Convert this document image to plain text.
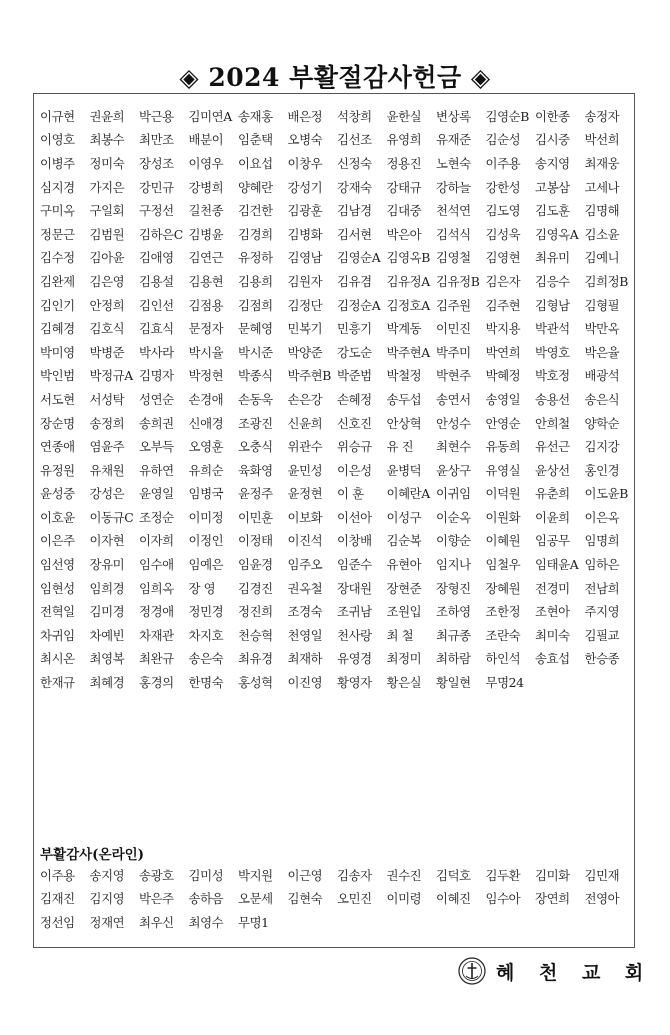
◈ 2024 부활절감사헌금 ◈
이규현	권윤희	박근용	김미연A 송재홍	배은정	석창희	윤한실	변상록	김영순B 이한종	송정자
이영호	최봉수	최만조	배분이	임춘택	오병숙	김선조	유영희	유재준	김순성	김시중	박선희
이병주	정미숙	장성조	이영우	이요섭	이창우	신정숙	정용진	노현숙	이주용	송지영	최재웅
심지경	가지은	강민규	강병희	양혜란	강성기	강재숙	강태규	강하늘	강한성	고봉삼	고세나
구미옥	구일회	구정선	길천종	김건한	김광훈	김남경	김대중	천석연	김도영	김도훈	김명해
정문근	김범원	김하은C 김병윤	김경희	김병화	김서현	박은아	김석식	김성욱	김영옥A 김소윤
김수정	김아윤	김애영	김연근	유정하	김영남	김영순A 김영옥B 김영철	김영현	최유미	김예니
김완제	김은영	김용설	김용현	김용희	김원자	김유겸	김유정A 김유정B 김은자	김응수	김희정B
김인기	안정희	김인선	김점용	김점희	김정단	김정순A 김정호A 김주원	김주현	김형남	김형필
김혜경	김호식	김효식	문정자	문혜영	민복기	민흥기	박계동	이민진	박지용	박관석	박만옥
박미영	박병준	박사라	박시율	박시준	박양준	강도순	박주현A 박주미	박연희	박영호	박은율
박인범	박정규A 김명자	박정현	박종식	박주현B 박준범	박철정	박현주	박혜정	박호정	배광석
서도현	서성탁	성연순	손경애	손동욱	손은강	손혜정	송두섭	송연서	송영일	송용선	송은식
장순명	송정희	송희권	신애경	조광진	신윤희	신호진	안상혁	안성수	안영순	안희철	양학순
연종애	염윤주	오부득	오영훈	오충식	위관수	위승규	유 진	최현수	유동희	유선근	김지강
유정원	유채원	유하연	유희순	육화영	윤민성	이은성	윤병덕	윤상구	유영실	윤상선	홍인경
윤성중	강성은	윤영일	임병국	윤정주	윤정현	이 훈	이혜란A 이귀임	이덕원	유춘희	이도윤B
이호윤	이동규C 조정순	이미정	이민훈	이보화	이선아	이성구	이순옥	이원화	이윤희	이은옥
이은주	이자현	이자희	이정인	이정태	이진석	이창배	김순복	이향순	이혜원	임공무	임명희
임선영	장유미	임수애	임예은	임윤경	임주오	임준수	유현아	임지나	임철우	임태윤A 임하은
임현성	임희경	임희옥	장 영	김경진	권옥철	장대원	장현준	장형진	장혜원	전경미	전남희
전혁일	김미경	정경애	정민경	정진희	조경숙	조귀남	조원입	조하영	조한정	조현아	주지영
차귀임	차예빈	차재관	차지호	천승혁	천영일	천사랑	최 철	최규종	조란숙	최미숙	김필교
최시온	최영복	최완규	송은숙	최유경	최재하	유영경	최정미	최하람	하인석	송효섭	한승종
한재규	최혜경	홍경의	한명숙	홍성혁	이진영	황영자	황은실	황일현	무명24
부활감사(온라인)
이주용	송지영	송광호	김미성	박지원	이근영	김송자	권수진	김덕호	김두환	김미화	김민재
김재진	김지영	박은주	송하음	오문세	김현숙	오민진	이미령	이혜진	임수아	장연희	전영아
정선임	정재연	최우신	최영수	무명1
혜 천 교 회
